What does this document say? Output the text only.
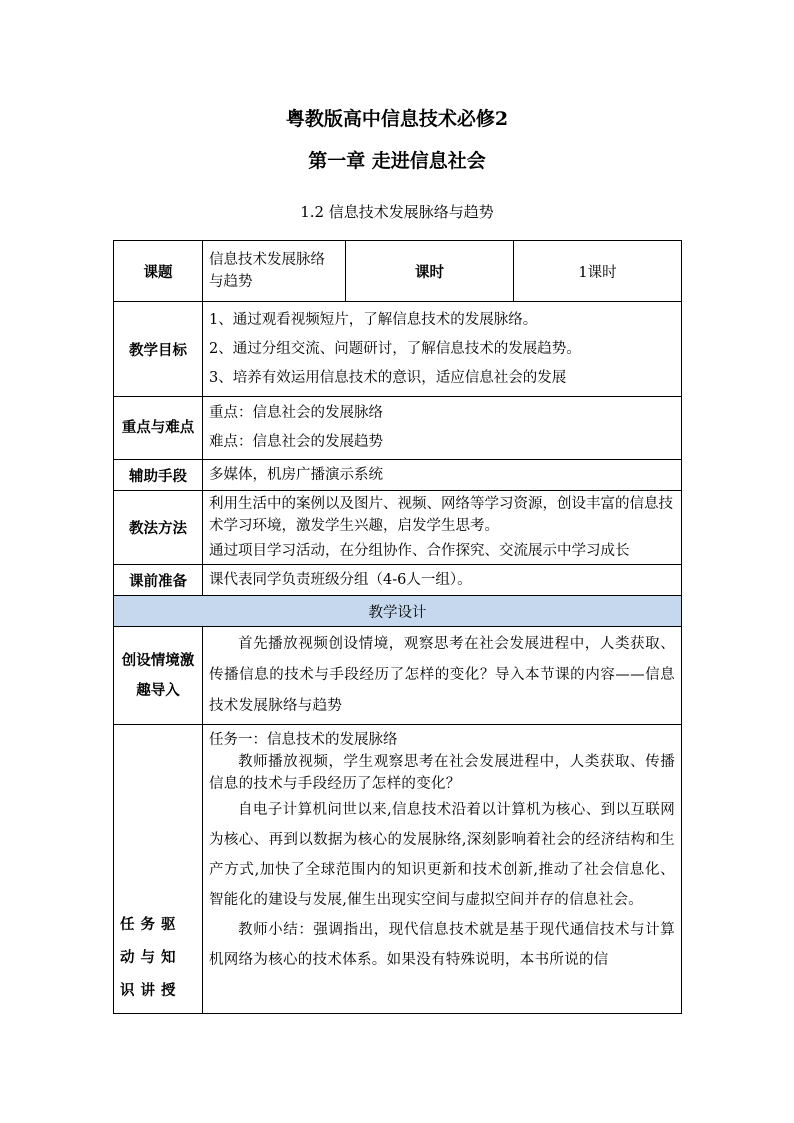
粤教版高中信息技术必修2
第一章 走进信息社会
1.2 信息技术发展脉络与趋势
课题	信息技术发展脉络与趋势	课时	1课时
教学目标	1、通过观看视频短片，了解信息技术的发展脉络。
2、通过分组交流、问题研讨，了解信息技术的发展趋势。
3、培养有效运用信息技术的意识，适应信息社会的发展		

重点与难点	重点：信息社会的发展脉络
难点：信息社会的发展趋势		

辅助手段	多媒体，机房广播演示系统		
教法方法	利用生活中的案例以及图片、视频、网络等学习资源，创设丰富的信息技术学习环境，激发学生兴趣，启发学生思考。
通过项目学习活动，在分组协作、合作探究、交流展示中学习成长		

课前准备	课代表同学负责班级分组（4-6人一组）。		
教学设计			
创设情境激趣导入	首先播放视频创设情境，观察思考在社会发展进程中，人类获取、传播信息的技术与手段经历了怎样的变化？导入本节课的内容——信息技术发展脉络与趋势		
任务驱动与知识讲授	任务一：信息技术的发展脉络
教师播放视频，学生观察思考在社会发展进程中，人类获取、传播信息的技术与手段经历了怎样的变化？
自电子计算机问世以来,信息技术沿着以计算机为核心、到以互联网为核心、再到以数据为核心的发展脉络,深刻影响着社会的经济结构和生产方式,加快了全球范围内的知识更新和技术创新,推动了社会信息化、智能化的建设与发展,催生出现实空间与虚拟空间并存的信息社会。
教师小结：强调指出，现代信息技术就是基于现代通信技术与计算机网络为核心的技术体系。如果没有特殊说明，本书所说的信		
